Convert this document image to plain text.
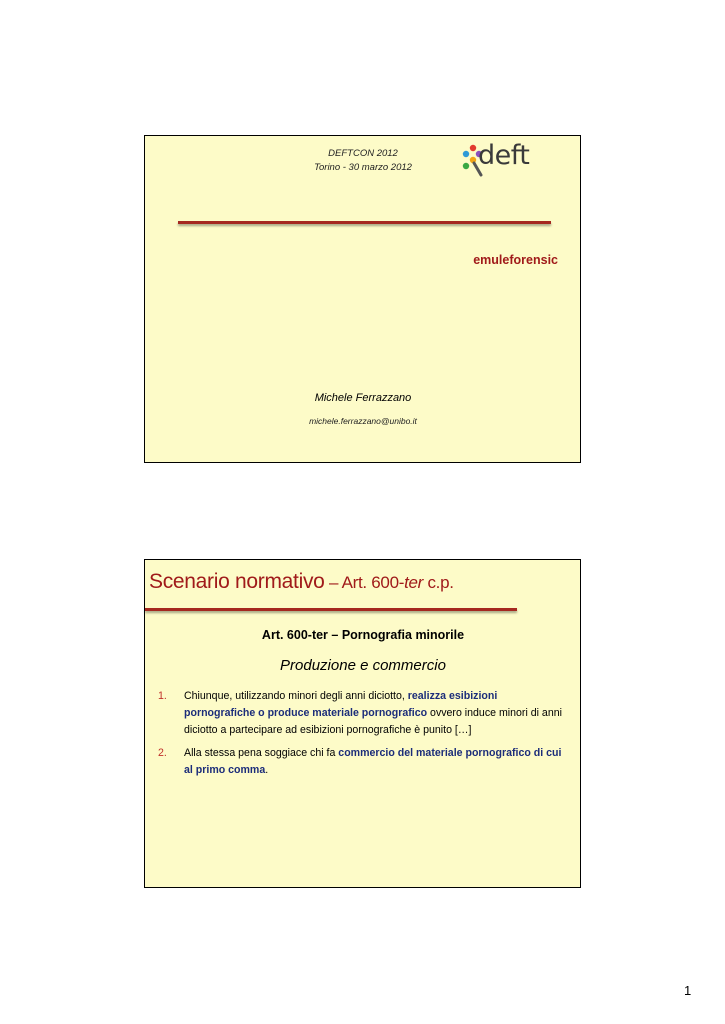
DEFTCON 2012
Torino - 30 marzo 2012	deft
emuleforensic
Michele Ferrazzano
michele.ferrazzano@unibo.it
Scenario normativo – Art. 600-ter c.p.
Art. 600-ter – Pornografia minorile
Produzione e commercio
1. Chiunque, utilizzando minori degli anni diciotto, realizza esibizioni pornografiche o produce materiale pornografico ovvero induce minori di anni diciotto a partecipare ad esibizioni pornografiche è punito […]
2. Alla stessa pena soggiace chi fa commercio del materiale pornografico di cui al primo comma.
1
